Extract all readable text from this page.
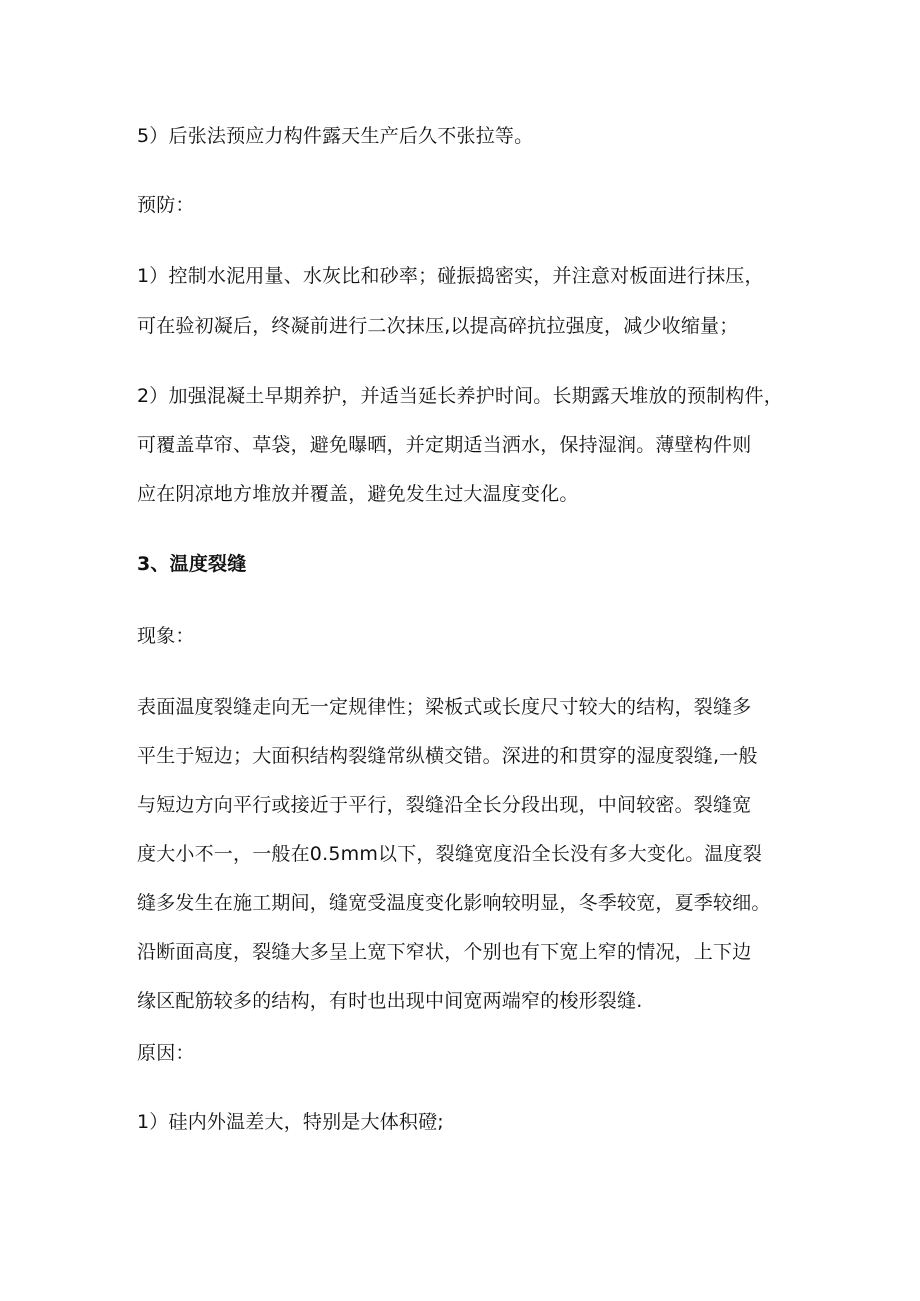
5）后张法预应力构件露天生产后久不张拉等。
预防：
1）控制水泥用量、水灰比和砂率；碰振捣密实，并注意对板面进行抹压，
可在验初凝后，终凝前进行二次抹压,以提高碎抗拉强度，减少收缩量；
2）加强混凝土早期养护，并适当延长养护时间。长期露天堆放的预制构件，
可覆盖草帘、草袋，避免曝晒，并定期适当洒水，保持湿润。薄壁构件则
应在阴凉地方堆放并覆盖，避免发生过大温度变化。
3、温度裂缝
现象：
表面温度裂缝走向无一定规律性；梁板式或长度尺寸较大的结构，裂缝多
平生于短边；大面积结构裂缝常纵横交错。深进的和贯穿的湿度裂缝,一般
与短边方向平行或接近于平行，裂缝沿全长分段出现，中间较密。裂缝宽
度大小不一，一般在0.5mm以下，裂缝宽度沿全长没有多大变化。温度裂
缝多发生在施工期间，缝宽受温度变化影响较明显，冬季较宽，夏季较细。
沿断面高度，裂缝大多呈上宽下窄状，个别也有下宽上窄的情况，上下边
缘区配筋较多的结构，有时也出现中间宽两端窄的梭形裂缝.
原因：
1）硅内外温差大，特别是大体积磴;
